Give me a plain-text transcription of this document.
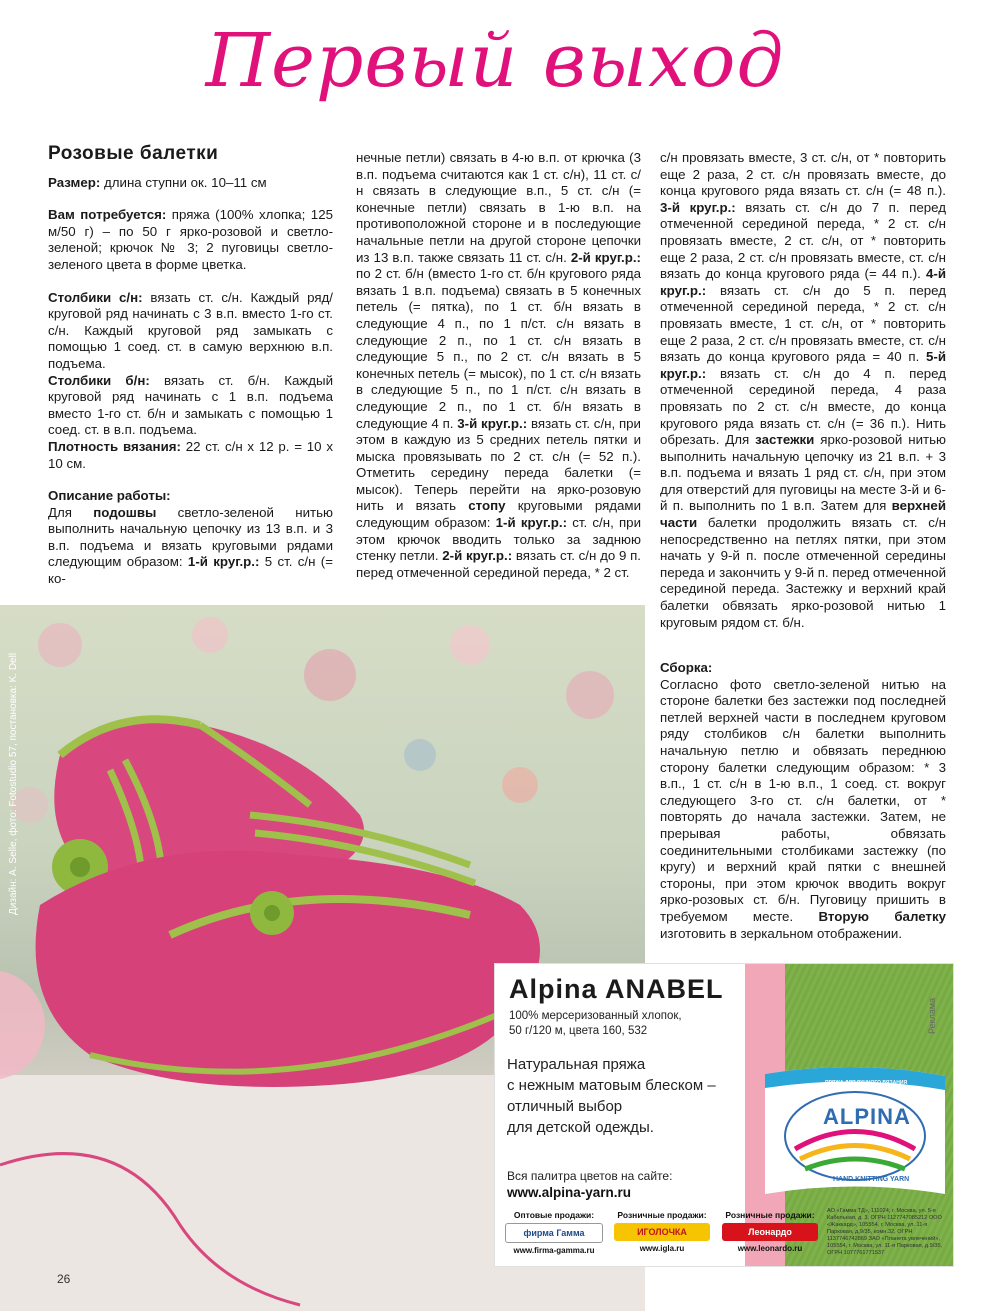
Первый выход

Розовые балетки

Размер: длина ступни ок. 10–11 см

Вам потребуется: пряжа (100% хлопка; 125 м/50 г) – по 50 г ярко-розовой и светло-зеленой; крючок № 3; 2 пуговицы светло-зеленого цвета в форме цветка.

Столбики с/н: вязать ст. с/н. Каждый ряд/круговой ряд начинать с 3 в.п. вместо 1-го ст. с/н. Каждый круговой ряд замыкать с помощью 1 соед. ст. в самую верхнюю в.п. подъема.

Столбики б/н: вязать ст. б/н. Каждый круговой ряд начинать с 1 в.п. подъема вместо 1-го ст. б/н и замыкать с помощью 1 соед. ст. в в.п. подъема.

Плотность вязания: 22 ст. с/н х 12 р. = 10 х 10 см.

Описание работы:

Для подошвы светло-зеленой нитью выполнить начальную цепочку из 13 в.п. и 3 в.п. подъема и вязать круговыми рядами следующим образом: 1-й круг.р.: 5 ст. с/н (= ко-

нечные петли) связать в 4-ю в.п. от крючка (3 в.п. подъема считаются как 1 ст. с/н), 11 ст. с/н связать в следующие в.п., 5 ст. с/н (= конечные петли) связать в 1-ю в.п. на противоположной стороне и в последующие начальные петли на другой стороне цепочки из 13 в.п. также связать 11 ст. с/н. 2-й круг.р.: по 2 ст. б/н (вместо 1-го ст. б/н кругового ряда вязать 1 в.п. подъема) связать в 5 конечных петель (= пятка), по 1 ст. б/н вязать в следующие 4 п., по 1 п/ст. с/н вязать в следующие 2 п., по 1 ст. с/н вязать в следующие 5 п., по 2 ст. с/н вязать в 5 конечных петель (= мысок), по 1 ст. с/н вязать в следующие 5 п., по 1 п/ст. с/н вязать в следующие 2 п., по 1 ст. б/н вязать в следующие 4 п. 3-й круг.р.: вязать ст. с/н, при этом в каждую из 5 средних петель пятки и мыска провязывать по 2 ст. с/н (= 52 п.). Отметить середину переда балетки (= мысок). Теперь перейти на ярко-розовую нить и вязать стопу круговыми рядами следующим образом: 1-й круг.р.: ст. с/н, при этом крючок вводить только за заднюю стенку петли. 2-й круг.р.: вязать ст. с/н до 9 п. перед отмеченной серединой переда, * 2 ст.

с/н провязать вместе, 3 ст. с/н, от * повторить еще 2 раза, 2 ст. с/н провязать вместе, до конца кругового ряда вязать ст. с/н (= 48 п.). 3-й круг.р.: вязать ст. с/н до 7 п. перед отмеченной серединой переда, * 2 ст. с/н провязать вместе, 2 ст. с/н, от * повторить еще 2 раза, 2 ст. с/н провязать вместе, ст. с/н вязать до конца кругового ряда (= 44 п.). 4-й круг.р.: вязать ст. с/н до 5 п. перед отмеченной серединой переда, * 2 ст. с/н провязать вместе, 1 ст. с/н, от * повторить еще 2 раза, 2 ст. с/н провязать вместе, ст. с/н вязать до конца кругового ряда = 40 п. 5-й круг.р.: вязать ст. с/н до 4 п. перед отмеченной серединой переда, 4 раза провязать по 2 ст. с/н вместе, до конца кругового ряда вязать ст. с/н (= 36 п.). Нить обрезать. Для застежки ярко-розовой нитью выполнить начальную цепочку из 21 в.п. + 3 в.п. подъема и вязать 1 ряд ст. с/н, при этом для отверстий для пуговицы на месте 3-й и 6-й п. выполнить по 1 в.п. Затем для верхней части балетки продолжить вязать ст. с/н непосредственно на петлях пятки, при этом начать у 9-й п. после отмеченной середины переда и закончить у 9-й п. перед отмеченной серединой переда. Застежку и верхний край балетки обвязать ярко-розовой нитью 1 круговым рядом ст. б/н.

Сборка:

Согласно фото светло-зеленой нитью на стороне балетки без застежки под последней петлей верхней части в последнем круговом ряду столбиков с/н балетки выполнить начальную петлю и обвязать переднюю сторону балетки следующим образом: * 3 в.п., 1 ст. с/н в 1-ю в.п., 1 соед. ст. вокруг следующего 3-го ст. с/н балетки, от * повторять до начала застежки. Затем, не прерывая работы, обвязать соединительными столбиками застежку (по кругу) и верхний край пятки с внешней стороны, при этом крючок вводить вокруг ярко-розовых ст. б/н. Пуговицу пришить в требуемом месте. Вторую балетку изготовить в зеркальном отображении.

Дизайн: A. Selle, фото: Fotostudio 57, постановка: K. Dell
26
ПРЯЖА ДЛЯ РУЧНОГО ВЯЗАНИЯ
ALPINA
HAND KNITTING YARN
Реклама
Alpina ANABEL
100% мерсеризованный хлопок,
50 г/120 м, цвета 160, 532
Натуральная пряжа
с нежным матовым блеском –
отличный выбор
для детской одежды.
Вся палитра цветов на сайте:
www.alpina-yarn.ru
Оптовые продажи:
фирма Гамма
www.firma-gamma.ru
Розничные продажи:
ИГОЛОЧКА
www.igla.ru
Розничные продажи:
Леонардо
www.leonardo.ru
АО «Гамма ТД», 111024, г. Москва, ул. 5-я Кабельная, д. 3, ОГРН 1127747085212 ООО «Жаккард», 105554, г. Москва, ул. 11-я Парковая, д.9/35, комн.32, ОГРН 1137746742869 ЗАО «Планета увлечений», 105554, г. Москва, ул. 11-я Парковая, д.9/35, ОГРН 1077761771537
